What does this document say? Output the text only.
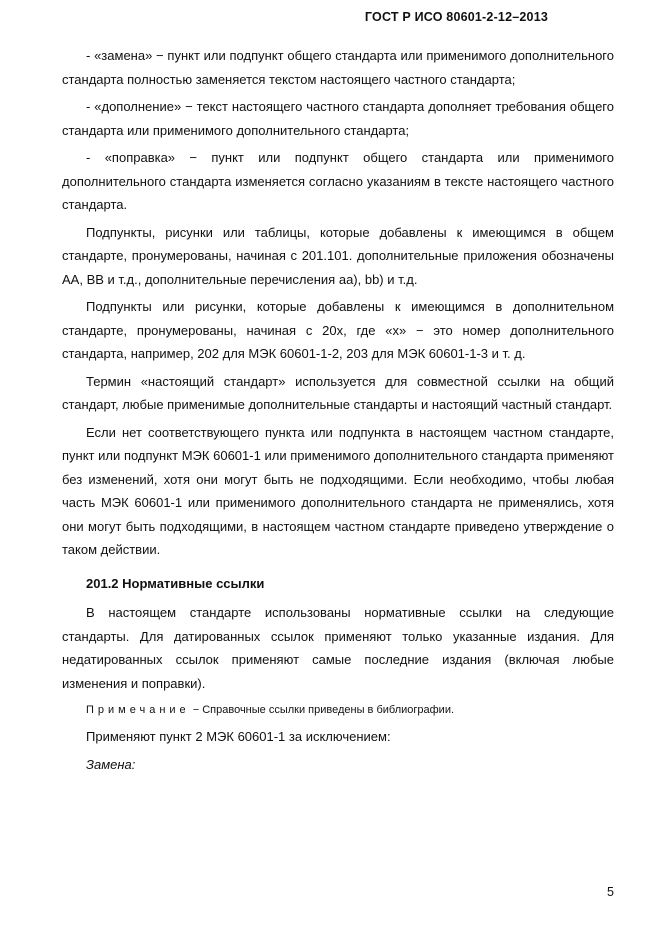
ГОСТ Р ИСО 80601-2-12–2013

- «замена» − пункт или подпункт общего стандарта или применимого дополнительного стандарта полностью заменяется текстом настоящего частного стандарта;

- «дополнение» − текст настоящего частного стандарта дополняет требования общего стандарта или применимого дополнительного стандарта;

- «поправка» − пункт или подпункт общего стандарта или применимого дополнительного стандарта изменяется согласно указаниям в тексте настоящего частного стандарта.

Подпункты, рисунки или таблицы, которые добавлены к имеющимся в общем стандарте, пронумерованы, начиная с 201.101. дополнительные приложения обозначены АА, ВВ и т.д., дополнительные перечисления аа), bb) и т.д.

Подпункты или рисунки, которые добавлены к имеющимся в дополнительном стандарте, пронумерованы, начиная с 20x, где «x» − это номер дополнительного стандарта, например, 202 для МЭК 60601-1-2, 203 для МЭК 60601-1-3 и т. д.

Термин «настоящий стандарт» используется для совместной ссылки на общий стандарт, любые применимые дополнительные стандарты и настоящий частный стандарт.

Если нет соответствующего пункта или подпункта в настоящем частном стандарте, пункт или подпункт МЭК 60601-1 или применимого дополнительного стандарта применяют без изменений, хотя они могут быть не подходящими. Если необходимо, чтобы любая часть МЭК 60601-1 или применимого дополнительного стандарта не применялись, хотя они могут быть подходящими, в настоящем частном стандарте приведено утверждение о таком действии.

201.2 Нормативные ссылки

В настоящем стандарте использованы нормативные ссылки на следующие стандарты. Для датированных ссылок применяют только указанные издания. Для недатированных ссылок применяют самые последние издания (включая любые изменения и поправки).

Примечание − Справочные ссылки приведены в библиографии.

Применяют пункт 2 МЭК 60601-1 за исключением:

Замена:

5
